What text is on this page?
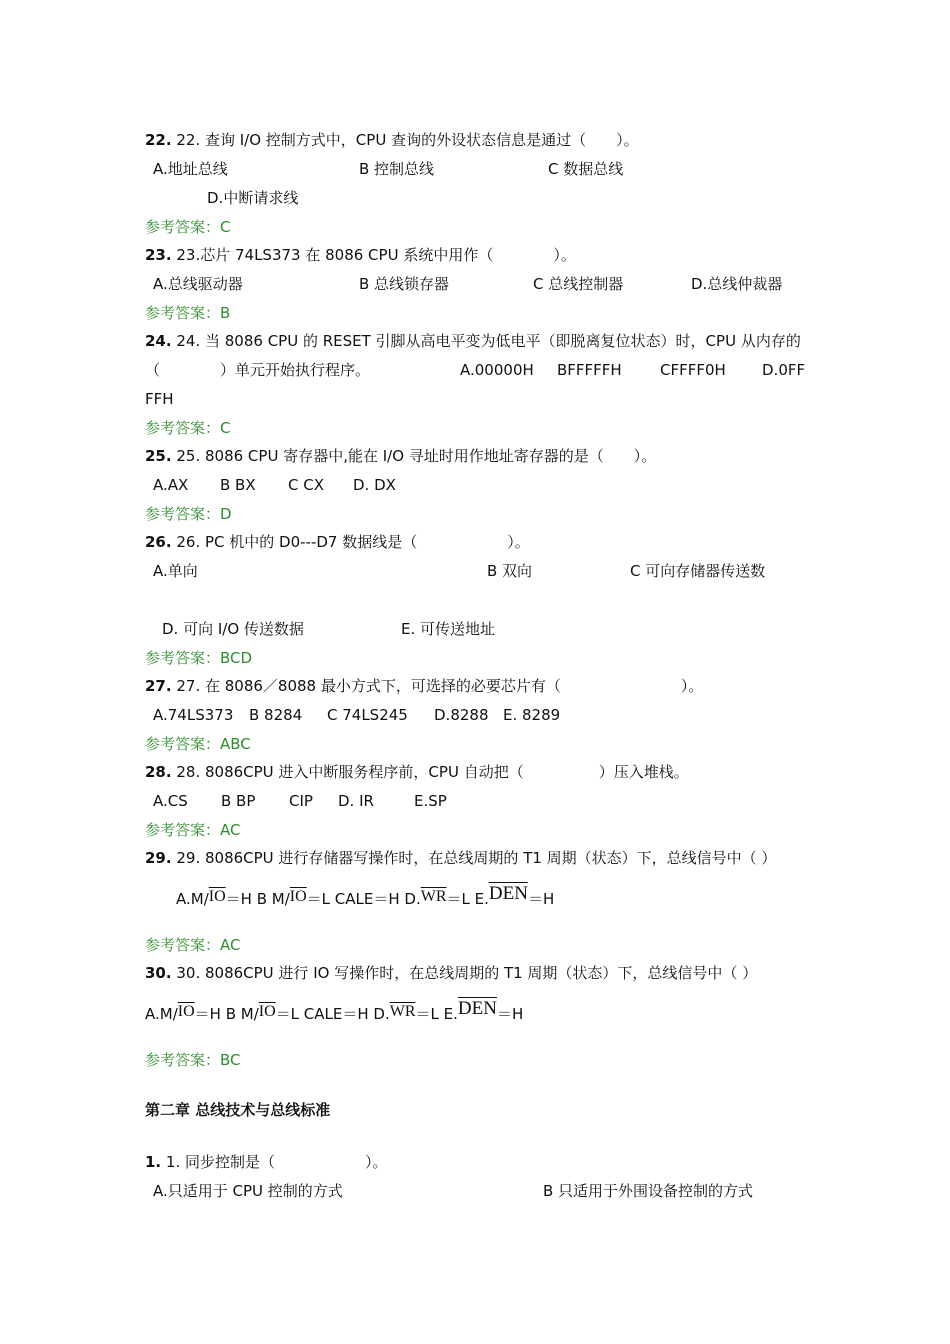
22. 22. 查询 I/O 控制方式中，CPU 查询的外设状态信息是通过（　　）。
A.地址总线	B 控制总线	C 数据总线
D.中断请求线
参考答案：C
23. 23.芯片 74LS373 在 8086 CPU 系统中用作（　　　　）。
A.总线驱动器	B 总线锁存器	C 总线控制器	D.总线仲裁器
参考答案：B
24. 24. 当 8086 CPU 的 RESET 引脚从高电平变为低电平（即脱离复位状态）时，CPU 从内存的
（　　　　）单元开始执行程序。	A.00000H BFFFFFH	CFFFF0H D.0FF
FFH
参考答案：C
25. 25. 8086 CPU 寄存器中,能在 I/O 寻址时用作地址寄存器的是（　　）。
A.AX B BX C CX D. DX
参考答案：D
26. 26. PC 机中的 D0---D7 数据线是（　　　　　　）。
A.单向	B 双向	C 可向存储器传送数
D. 可向 I/O 传送数据	E. 可传送地址
参考答案：BCD
27. 27. 在 8086／8088 最小方式下，可选择的必要芯片有（　　　　　　　　）。
A.74LS373 B 8284 C 74LS245 D.8288 E. 8289
参考答案：ABC
28. 28. 8086CPU 进入中断服务程序前，CPU 自动把（　　　　　）压入堆栈。
A.CS B BP CIP D. IR	E.SP
参考答案：AC
29. 29. 8086CPU 进行存储器写操作时，在总线周期的 T1 周期（状态）下，总线信号中（ ）
$A.M/\overline{IO}=H$ B $M/\overline{IO}=L$ CALE＝H $D.\overline{WR}=L$ $E.\overline{DEN}=H$
参考答案：AC
30. 30. 8086CPU 进行 IO 写操作时，在总线周期的 T1 周期（状态）下，总线信号中（ ）
$A.M/\overline{IO}=H$ B $M/\overline{IO}=L$ CALE＝H $D.\overline{WR}=L$ $E.\overline{DEN}=H$
参考答案：BC
第二章 总线技术与总线标准
1. 1. 同步控制是（　　　　　　）。
A.只适用于 CPU 控制的方式	B 只适用于外围设备控制的方式
